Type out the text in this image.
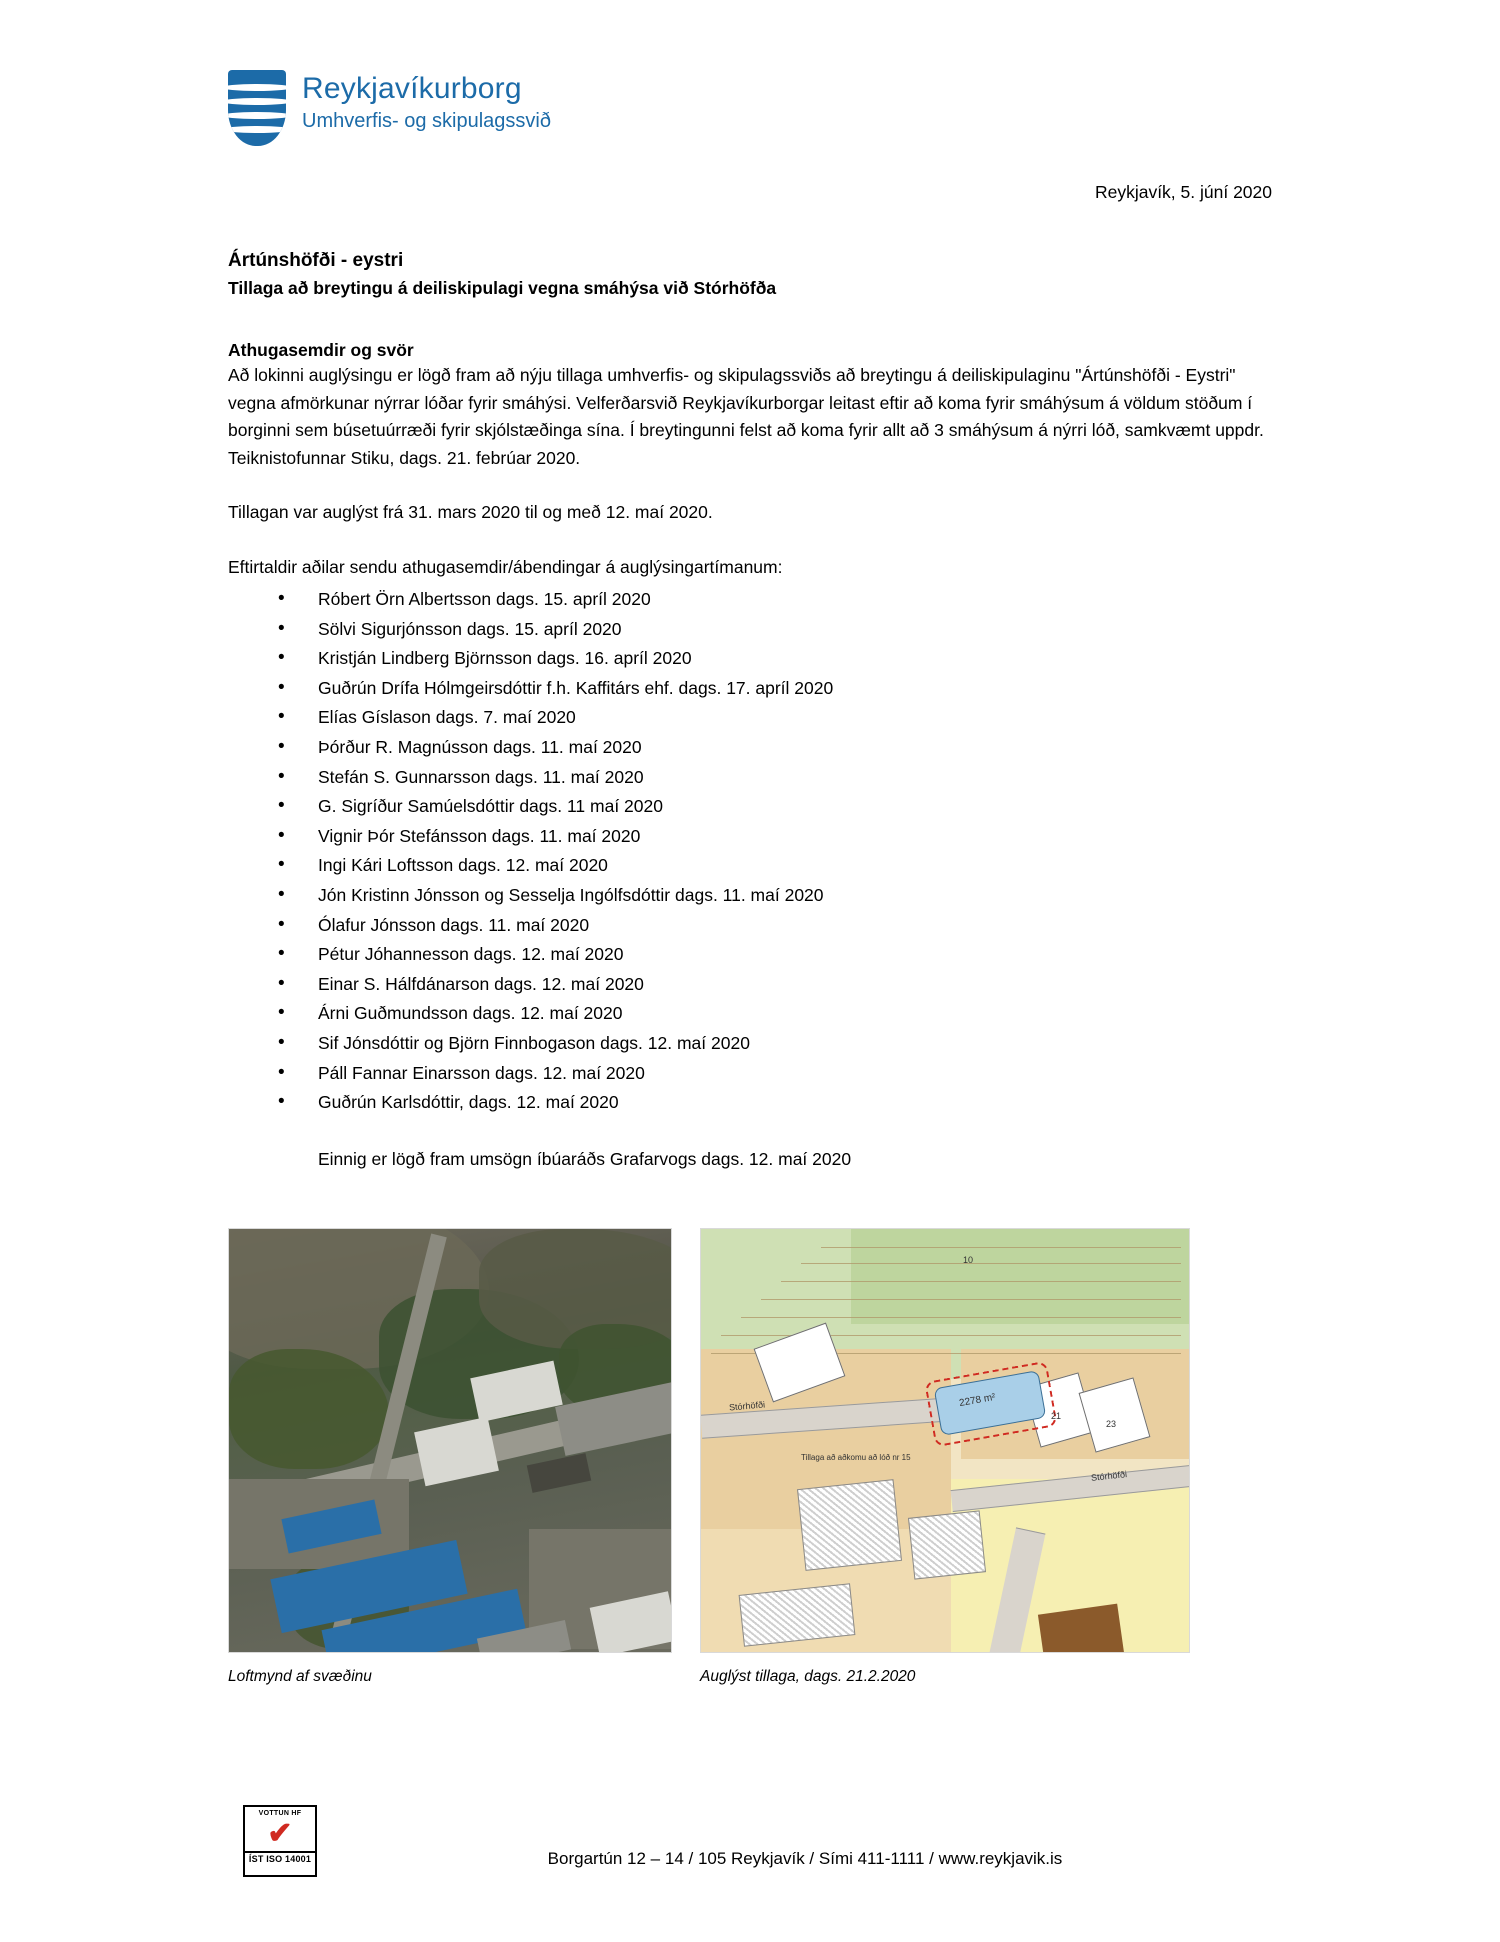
Reykjavíkurborg
Umhverfis- og skipulagssvið
Reykjavík, 5. júní 2020
Ártúnshöfði - eystri

Tillaga að breytingu á deiliskipulagi vegna smáhýsa við Stórhöfða

Athugasemdir og svör

Að lokinni auglýsingu er lögð fram að nýju tillaga umhverfis- og skipulagssviðs að breytingu á deiliskipulaginu "Ártúnshöfði - Eystri" vegna afmörkunar nýrrar lóðar fyrir smáhýsi. Velferðarsvið Reykjavíkurborgar leitast eftir að koma fyrir smáhýsum á völdum stöðum í borginni sem búsetuúrræði fyrir skjólstæðinga sína. Í breytingunni felst að koma fyrir allt að 3 smáhýsum á nýrri lóð, samkvæmt uppdr. Teiknistofunnar Stiku, dags. 21. febrúar 2020.

Tillagan var auglýst frá 31. mars 2020 til og með 12. maí 2020.

Eftirtaldir aðilar sendu athugasemdir/ábendingar á auglýsingartímanum:

• Róbert Örn Albertsson dags. 15. apríl 2020
• Sölvi Sigurjónsson dags. 15. apríl 2020
• Kristján Lindberg Björnsson dags. 16. apríl 2020
• Guðrún Drífa Hólmgeirsdóttir f.h. Kaffitárs ehf. dags. 17. apríl 2020
• Elías Gíslason dags. 7. maí 2020
• Þórður R. Magnússon dags. 11. maí 2020
• Stefán S. Gunnarsson dags. 11. maí 2020
• G. Sigríður Samúelsdóttir dags. 11 maí 2020
• Vignir Þór Stefánsson dags. 11. maí 2020
• Ingi Kári Loftsson dags. 12. maí 2020
• Jón Kristinn Jónsson og Sesselja Ingólfsdóttir dags. 11. maí 2020
• Ólafur Jónsson dags. 11. maí 2020
• Pétur Jóhannesson dags. 12. maí 2020
• Einar S. Hálfdánarson dags. 12. maí 2020
• Árni Guðmundsson dags. 12. maí 2020
• Sif Jónsdóttir og Björn Finnbogason dags. 12. maí 2020
• Páll Fannar Einarsson dags. 12. maí 2020
• Guðrún Karlsdóttir, dags. 12. maí 2020

Einnig er lögð fram umsögn íbúaráðs Grafarvogs dags. 12. maí 2020

Loftmynd af svæðinu
2278 m²
Stórhöfði
Stórhöfði
21
23
10
Tillaga að aðkomu að lóð nr 15
Auglýst tillaga, dags. 21.2.2020
VOTTUN HF
✔
ÍST ISO 14001	Borgartún 12 – 14 / 105 Reykjavík / Sími 411-1111 / www.reykjavik.is
